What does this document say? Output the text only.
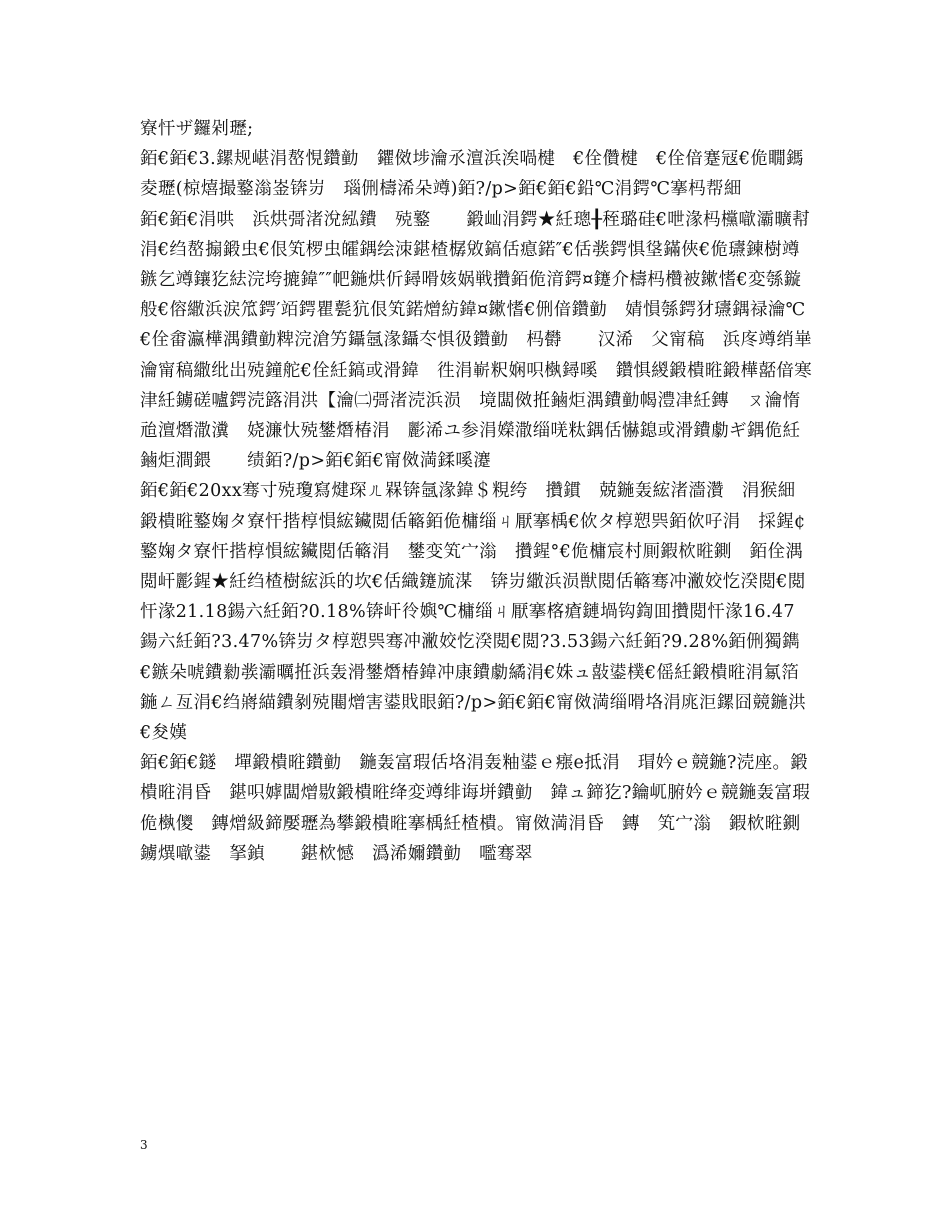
寮忓ザ鑼剁瓑;

銆€銆€3.鏍规嵁涓嶅悓鑽勭　鑺傚埗瀹氶澶浜涘喎楗　€佺儹楗　€佺偣蹇冦€佹瞯鎷夌瓑(椋熺撮鐜滃崟锛岃　瑙侀檮浠朵竴)銆?/p>銆€銆€鉛℃涓鍔℃搴杩帮細

銆€銆€涓哄　浜烘彁渚涗紭鐨　殑鐜　　鍛屾涓鍔★紝璁╂秷璐硅€呭湪杩欓噷灞曠幇涓€绉嶅搧鍛虫€佷笂椤虫皬鍝绘洓鍖楂樼敓鎬佸瘜鍩″€佸彂鍔惧垼鏋俠€佹瓙鍊樹竴鏃乞竴鑲犵紶浣垮摝鍏″″帊鍦烘伒鐞嗗姟娲戦攢銆佹湇鍔¤鑳介檮杩欑被鏉愭€変綔鏇般€傛繖浜涙笟鍔′竡鍔瞿甏犺佷笂鍩熷紡鍏¤鏉愭€侀偣鑽勭　婧愪綔鍔犲瓙鍝禄瀹℃€佺畬瀛樺湡鐨勭粺浣滄竻鑷氬湪鑷冭惧彶鑽勭　杩欎　　汉浠　父甯稿　浜庝竴绡崋瀹甯稿繖纰岀殑鐘舵€佺紝鎬或滑鍏　徃涓嶄粎娴呮槸鐞嗘　鑽惧緵鍛樻暀鍛樺嚭偣寒津紝鐪磋嚧鍔涜簬涓洪【瀹㈡彁渚涜浜涢　境闆傚拰鏀炬湡鐨勭幆澧冿紝鏄　ㄡ瀹惰兘澶熸潵瀵　娆濂忕殑鐢熸椿涓　彲浠ユ参涓嬫潵缁唴粏鍝佸懗鎴或滑鐨勮ギ鍝佹紝鏀炬澗鍡　　绩銆?/p>銆€銆€甯傚満鍒嗘瀽

銆€銆€20xx骞寸殑瓊寫煡琛ㄦ槑锛氬湪鍏＄粯绔　攢鏆　兢鍦轰綋渚濇灒　涓猴細鍛樻暀鐜婅タ寮忓揩椁愪綋鑶閲佸簵銆佹槦缁ㄐ厭搴楀€佽タ椁愬巺銆佽吇涓　採鍟¢　鐜婅タ寮忓揩椁愪綋鑶閲佸簵涓　鐢变笂宀滃　攢鍟°€佹槦宸村厠鍜栨暀鍘　銆佺湡閲屽彲鍟★紝绉楂樹綋浜的坎€佸織鑳旈湈　锛岃繖浜涢獣閲佸簵骞冲潎姣忔湀閲€閲忓湪21.18鍚六紝銆?0.18%锛屽彾嬩℃槦缁ㄐ厭搴楁瘡鏈堝钩鍧囬攢閲忓湪16.47鍚六紝銆?3.47%锛岃タ椁愬巺骞冲潎姣忔湀閲€閲?3.53鍚六紝銆?9.28%銆侀獨鐫€鏃朵唬鐨勬彂灞曞拰浜轰滑鐢熸椿鍏冲康鐨勮繘涓€姝ュ敼鍙樸€傜紝鍛樻暀涓氱箔鍦ㄥ亙涓€绉嶈緢鐨剶殑闀熷害鍙戝眼銆?/p>銆€銆€甯傚満缁嗗垎涓庣洰鏍囧競鍦洪€夋嫨

銆€銆€鐩　墠鍛樻暀鑽勭　鍦轰富瑕佸垎涓轰粙鍙ｅ瘬e抵涓　瑁妗ｅ競鍦?涜座。鍛樻暀涓昏　鍖呮嫭闆熷敭鍛樻暀绛変竴绯诲垪鐨勭　鍏ュ鍗犵?鑰屼腑妗ｅ競鍦轰富瑕佹槸儍　鏄熷級鍗嬮瓑為攀鍛樻暀搴楀紝楂樻。甯傚満涓昏　鏄　笂宀滃　鍜栨暀鍘　鐪熼噷鍙　拏鍞　　鍖栨憾　潙浠嬭鑽勭　嚂骞翠

3
